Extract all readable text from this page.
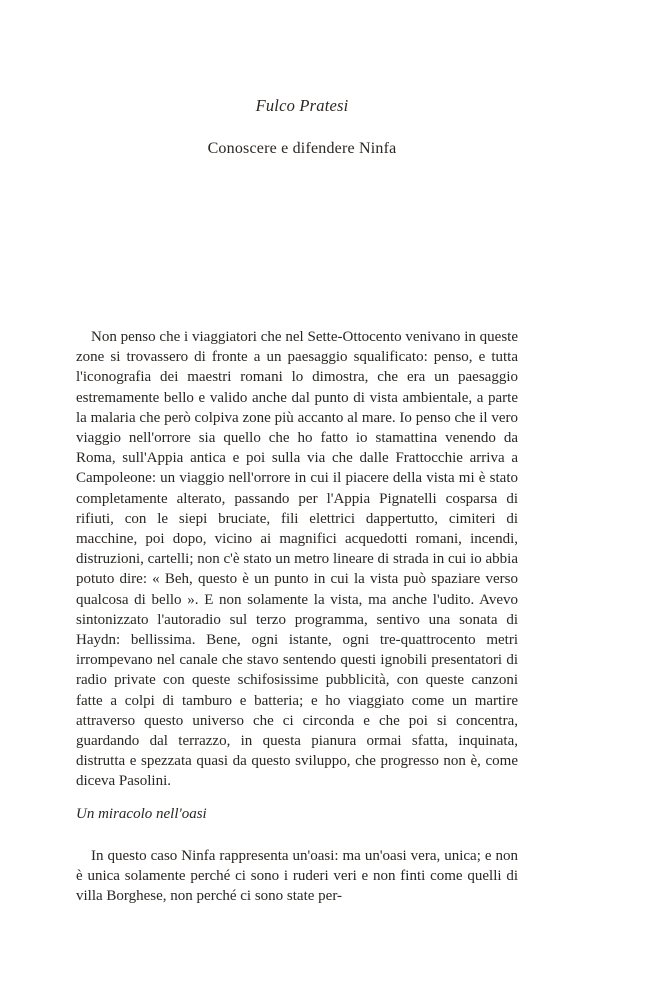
Fulco Pratesi
Conoscere e difendere Ninfa

Non penso che i viaggiatori che nel Sette-Ottocento venivano in queste zone si trovassero di fronte a un paesaggio squalificato: penso, e tutta l'iconografia dei maestri romani lo dimostra, che era un paesaggio estremamente bello e valido anche dal punto di vista ambientale, a parte la malaria che però colpiva zone più accanto al mare. Io penso che il vero viaggio nell'orrore sia quello che ho fatto io stamattina venendo da Roma, sull'Appia antica e poi sulla via che dalle Frattocchie arriva a Campoleone: un viaggio nell'orrore in cui il piacere della vista mi è stato completamente alterato, passando per l'Appia Pignatelli cosparsa di rifiuti, con le siepi bruciate, fili elettrici dappertutto, cimiteri di macchine, poi dopo, vicino ai magnifici acquedotti romani, incendi, distruzioni, cartelli; non c'è stato un metro lineare di strada in cui io abbia potuto dire: « Beh, questo è un punto in cui la vista può spaziare verso qualcosa di bello ». E non solamente la vista, ma anche l'udito. Avevo sintonizzato l'autoradio sul terzo programma, sentivo una sonata di Haydn: bellissima. Bene, ogni istante, ogni tre-quattrocento metri irrompevano nel canale che stavo sentendo questi ignobili presentatori di radio private con queste schifosissime pubblicità, con queste canzoni fatte a colpi di tamburo e batteria; e ho viaggiato come un martire attraverso questo universo che ci circonda e che poi si concentra, guardando dal terrazzo, in questa pianura ormai sfatta, inquinata, distrutta e spezzata quasi da questo sviluppo, che progresso non è, come diceva Pasolini.

Un miracolo nell'oasi

In questo caso Ninfa rappresenta un'oasi: ma un'oasi vera, unica; e non è unica solamente perché ci sono i ruderi veri e non finti come quelli di villa Borghese, non perché ci sono state per-
